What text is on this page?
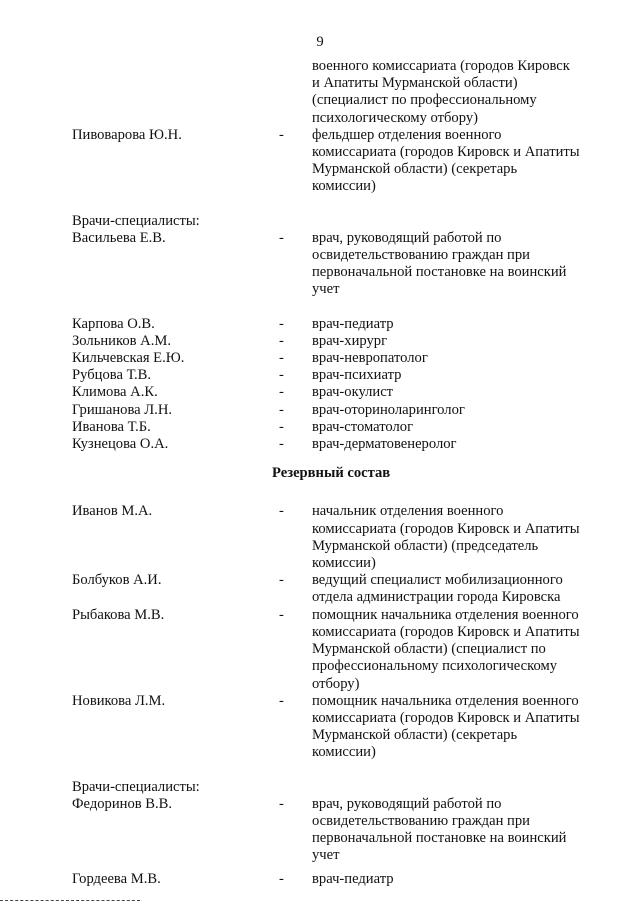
9
военного комиссариата (городов Кировск
и Апатиты Мурманской области)
(специалист по профессиональному
психологическому отбору)
Пивоварова Ю.Н.	-	фельдшер отделения военного
комиссариата (городов Кировск и Апатиты
Мурманской области) (секретарь
комиссии)
Врачи-специалисты:
Васильева Е.В.	-	врач, руководящий работой по
освидетельствованию граждан при
первоначальной постановке на воинский
учет
Карпова О.В.	-	врач-педиатр
Зольников А.М.	-	врач-хирург
Кильчевская Е.Ю.	-	врач-невропатолог
Рубцова Т.В.	-	врач-психиатр
Климова А.К.	-	врач-окулист
Гришанова Л.Н.	-	врач-оториноларинголог
Иванова Т.Б.	-	врач-стоматолог
Кузнецова О.А.	-	врач-дерматовенеролог
Резервный состав
Иванов М.А.	-	начальник отделения военного
комиссариата (городов Кировск и Апатиты
Мурманской области) (председатель
комиссии)
Болбуков А.И.	-	ведущий специалист мобилизационного
отдела администрации города Кировска
Рыбакова М.В.	-	помощник начальника отделения военного
комиссариата (городов Кировск и Апатиты
Мурманской области) (специалист по
профессиональному психологическому
отбору)
Новикова Л.М.	-	помощник начальника отделения военного
комиссариата (городов Кировск и Апатиты
Мурманской области) (секретарь
комиссии)
Врачи-специалисты:
Федоринов В.В.	-	врач, руководящий работой по
освидетельствованию граждан при
первоначальной постановке на воинский
учет
Гордеева М.В.	-	врач-педиатр
